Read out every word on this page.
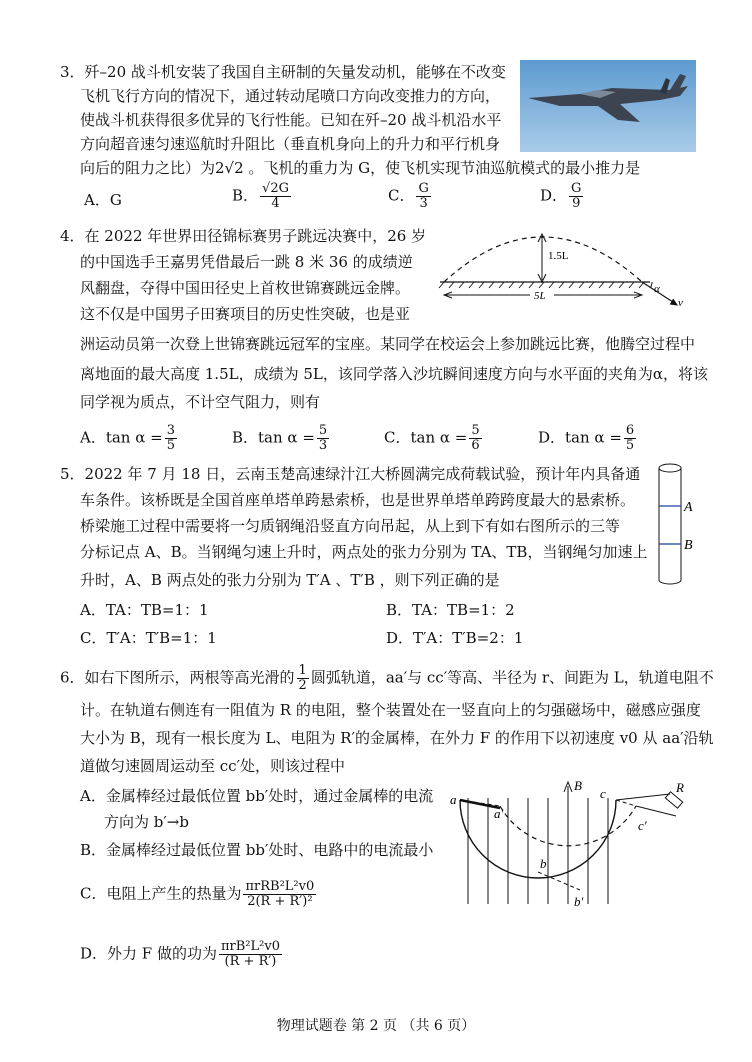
3．歼–20 战斗机安装了我国自主研制的矢量发动机，能够在不改变
飞机飞行方向的情况下，通过转动尾喷口方向改变推力的方向，
使战斗机获得很多优异的飞行性能。已知在歼–20 战斗机沿水平
方向超音速匀速巡航时升阻比（垂直机身向上的升力和平行机身
向后的阻力之比）为2√2 。飞机的重力为 G，使飞机实现节油巡航模式的最小推力是
A．G	B． $\frac{√2G}{4}$	C． $\frac{G}{3}$	D． $\frac{G}{9}$
4．在 2022 年世界田径锦标赛男子跳远决赛中，26 岁
的中国选手王嘉男凭借最后一跳 8 米 36 的成绩逆
风翻盘，夺得中国田径史上首枚世锦赛跳远金牌。
这不仅是中国男子田赛项目的历史性突破，也是亚
洲运动员第一次登上世锦赛跳远冠军的宝座。某同学在校运会上参加跳远比赛，他腾空过程中
离地面的最大高度 1.5L，成绩为 5L，该同学落入沙坑瞬间速度方向与水平面的夹角为α，将该
同学视为质点，不计空气阻力，则有
1.5L
5L
α
v
A．$\tan \alpha = \frac{3}{5}$	B．$\tan \alpha = \frac{5}{3}$	C．$\tan \alpha = \frac{5}{6}$	D．$\tan \alpha = \frac{6}{5}$
5．2022 年 7 月 18 日，云南玉楚高速绿汁江大桥圆满完成荷载试验，预计年内具备通
车条件。该桥既是全国首座单塔单跨悬索桥，也是世界单塔单跨跨度最大的悬索桥。
桥梁施工过程中需要将一匀质钢绳沿竖直方向吊起，从上到下有如右图所示的三等
分标记点 A、B。当钢绳匀速上升时，两点处的张力分别为 TA、TB，当钢绳匀加速上
升时，A、B 两点处的张力分别为 T′A 、T′B ，则下列正确的是
A
B
A．TA：TB=1：1	B．TA：TB=1：2
C．T′A：T′B=1：1	D．T′A：T′B=2：1
6．如右下图所示，两根等高光滑的 $\frac{1}{2}$ 圆弧轨道，aa′与 cc′等高、半径为 r、间距为 L，轨道电阻不
计。在轨道右侧连有一阻值为 R 的电阻，整个装置处在一竖直向上的匀强磁场中，磁感应强度
大小为 B，现有一根长度为 L、电阻为 R′的金属棒，在外力 F 的作用下以初速度 v0 从 aa′沿轨
道做匀速圆周运动至 cc′处，则该过程中
A．金属棒经过最低位置 bb′处时，通过金属棒的电流
方向为 b′→b
B．金属棒经过最低位置 bb′处时、电路中的电流最小
C．电阻上产生的热量为 $\frac{\text{πrRB²L²v0}}{\text{2(R + R′)²}}$
D．外力 F 做的功为 $\frac{\text{πrB²L²v0}}{(R + R')}$
B
a
a′
b
b′
c
c′
R
物理试题卷 第 2 页 （共 6 页）
